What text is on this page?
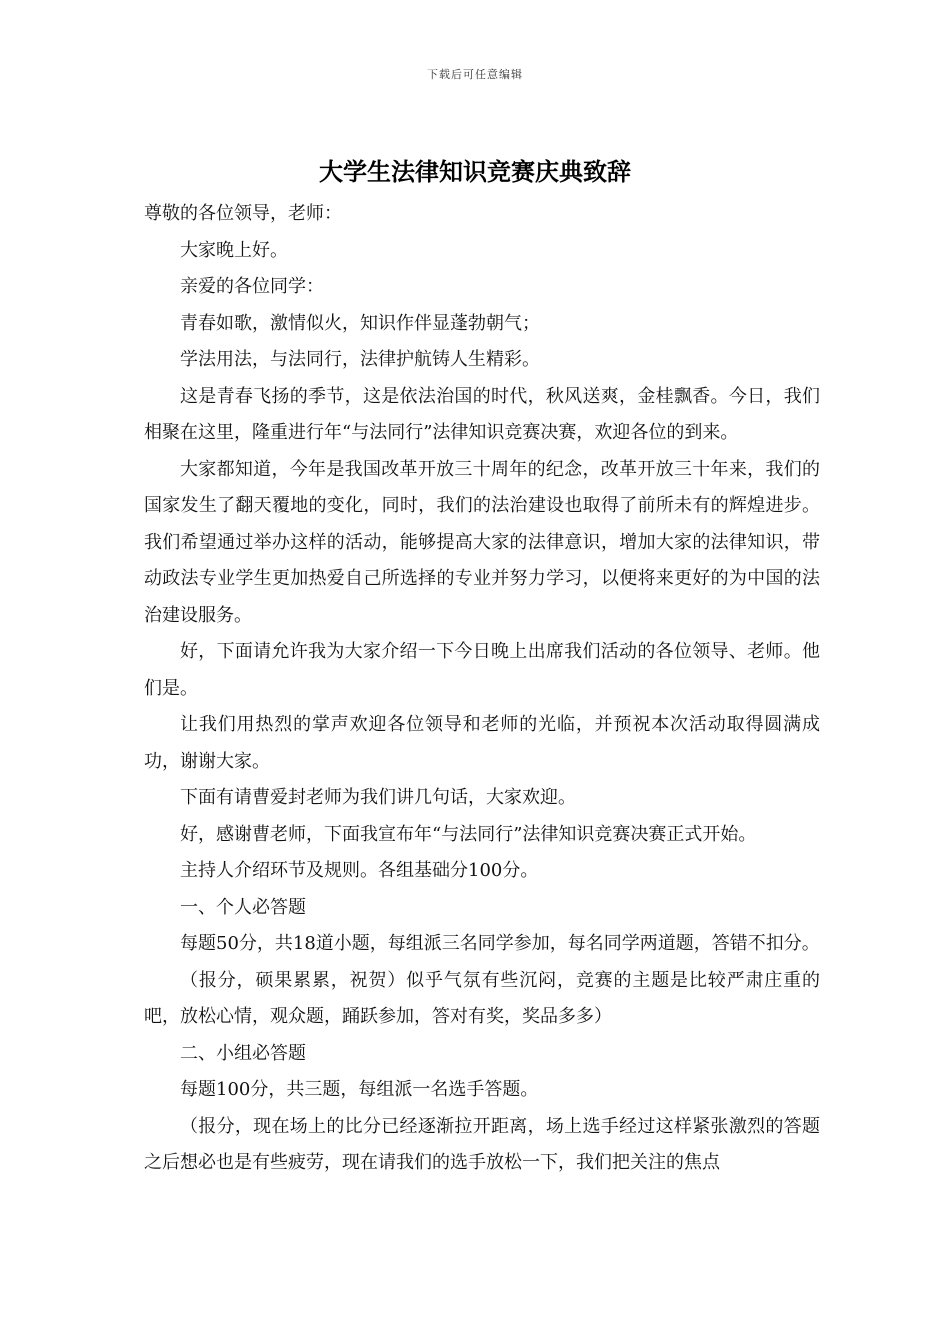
下载后可任意编辑
大学生法律知识竞赛庆典致辞

尊敬的各位领导，老师：

大家晚上好。

亲爱的各位同学：

青春如歌，激情似火，知识作伴显蓬勃朝气；

学法用法，与法同行，法律护航铸人生精彩。

这是青春飞扬的季节，这是依法治国的时代，秋风送爽，金桂飘香。今日，我们相聚在这里，隆重进行年“与法同行”法律知识竞赛决赛，欢迎各位的到来。

大家都知道，今年是我国改革开放三十周年的纪念，改革开放三十年来，我们的国家发生了翻天覆地的变化，同时，我们的法治建设也取得了前所未有的辉煌进步。我们希望通过举办这样的活动，能够提高大家的法律意识，增加大家的法律知识，带动政法专业学生更加热爱自己所选择的专业并努力学习，以便将来更好的为中国的法治建设服务。

好，下面请允许我为大家介绍一下今日晚上出席我们活动的各位领导、老师。他们是。

让我们用热烈的掌声欢迎各位领导和老师的光临，并预祝本次活动取得圆满成功，谢谢大家。

下面有请曹爱封老师为我们讲几句话，大家欢迎。

好，感谢曹老师，下面我宣布年“与法同行”法律知识竞赛决赛正式开始。

主持人介绍环节及规则。各组基础分100分。

一、个人必答题

每题50分，共18道小题，每组派三名同学参加，每名同学两道题，答错不扣分。

（报分，硕果累累，祝贺）似乎气氛有些沉闷，竞赛的主题是比较严肃庄重的吧，放松心情，观众题，踊跃参加，答对有奖，奖品多多）

二、小组必答题

每题100分，共三题，每组派一名选手答题。

（报分，现在场上的比分已经逐渐拉开距离，场上选手经过这样紧张激烈的答题之后想必也是有些疲劳，现在请我们的选手放松一下，我们把关注的焦点
